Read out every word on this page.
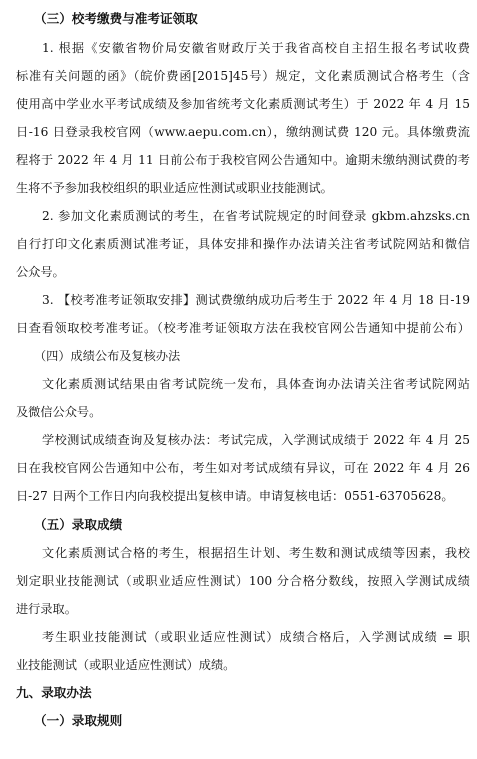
（三）校考缴费与准考证领取
1. 根据《安徽省物价局安徽省财政厅关于我省高校自主招生报名考试收费
标准有关问题的函》（皖价费函[2015]45号）规定，文化素质测试合格考生（含
使用高中学业水平考试成绩及参加省统考文化素质测试考生）于 2022 年 4 月 15
日-16 日登录我校官网（www.aepu.com.cn），缴纳测试费 120 元。具体缴费流
程将于 2022 年 4 月 11 日前公布于我校官网公告通知中。逾期未缴纳测试费的考
生将不予参加我校组织的职业适应性测试或职业技能测试。
2. 参加文化素质测试的考生，在省考试院规定的时间登录 gkbm.ahzsks.cn
自行打印文化素质测试准考证，具体安排和操作办法请关注省考试院网站和微信
公众号。
3. 【校考准考证领取安排】测试费缴纳成功后考生于 2022 年 4 月 18 日-19
日查看领取校考准考证。（校考准考证领取方法在我校官网公告通知中提前公布）
（四）成绩公布及复核办法
文化素质测试结果由省考试院统一发布，具体查询办法请关注省考试院网站
及微信公众号。
学校测试成绩查询及复核办法：考试完成，入学测试成绩于 2022 年 4 月 25
日在我校官网公告通知中公布，考生如对考试成绩有异议，可在 2022 年 4 月 26
日-27 日两个工作日内向我校提出复核申请。申请复核电话：0551-63705628。
（五）录取成绩
文化素质测试合格的考生，根据招生计划、考生数和测试成绩等因素，我校
划定职业技能测试（或职业适应性测试）100 分合格分数线，按照入学测试成绩
进行录取。
考生职业技能测试（或职业适应性测试）成绩合格后，入学测试成绩 = 职
业技能测试（或职业适应性测试）成绩。
九、录取办法
（一）录取规则
